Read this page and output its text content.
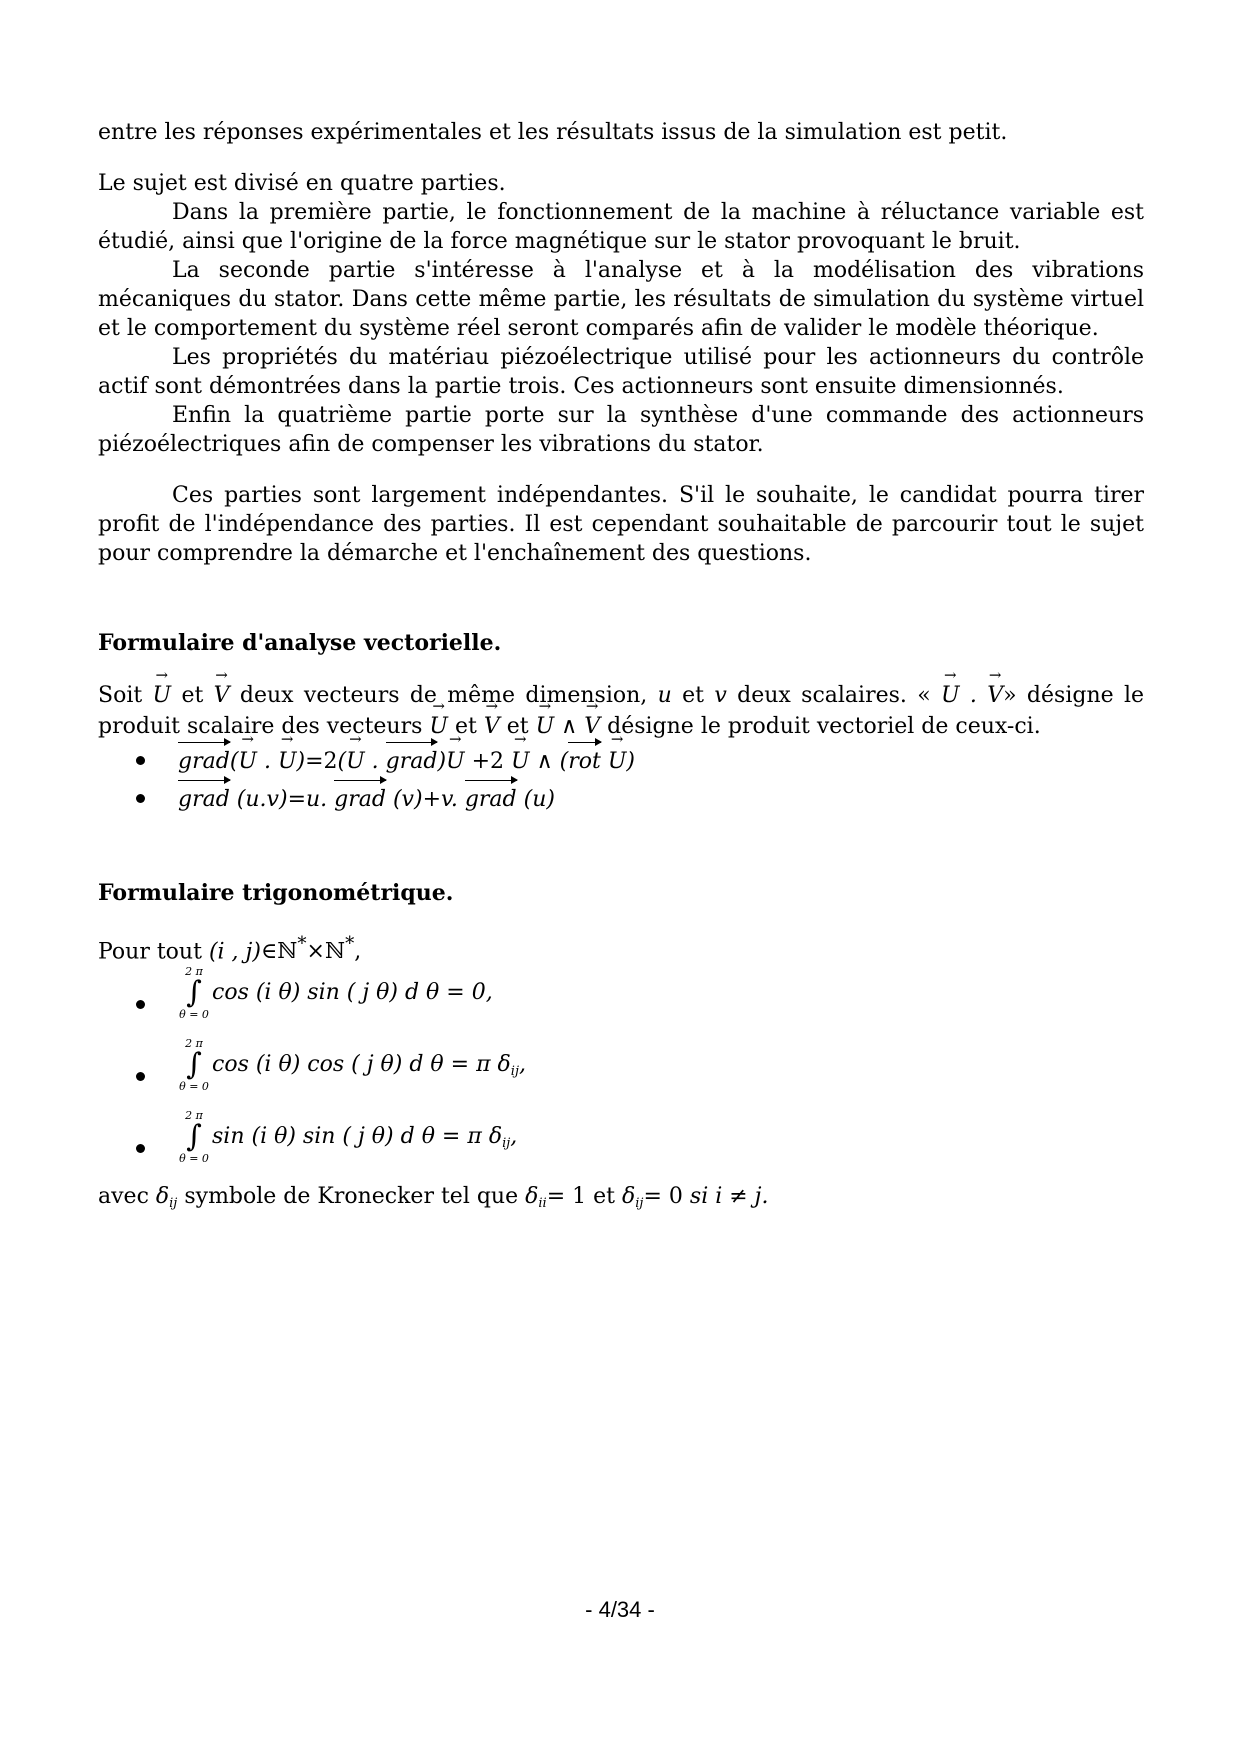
entre les réponses expérimentales et les résultats issus de la simulation est petit.

Le sujet est divisé en quatre parties.

Dans la première partie, le fonctionnement de la machine à réluctance variable est étudié, ainsi que l'origine de la force magnétique sur le stator provoquant le bruit.

La seconde partie s'intéresse à l'analyse et à la modélisation des vibrations mécaniques du stator. Dans cette même partie, les résultats de simulation du système virtuel et le comportement du système réel seront comparés afin de valider le modèle théorique.

Les propriétés du matériau piézoélectrique utilisé pour les actionneurs du contrôle actif sont démontrées dans la partie trois. Ces actionneurs sont ensuite dimensionnés.

Enfin la quatrième partie porte sur la synthèse d'une commande des actionneurs piézoélectriques afin de compenser les vibrations du stator.

Ces parties sont largement indépendantes. S'il le souhaite, le candidat pourra tirer profit de l'indépendance des parties. Il est cependant souhaitable de parcourir tout le sujet pour comprendre la démarche et l'enchaînement des questions.

Formulaire d'analyse vectorielle.

Soit → U et → V deux vecteurs de même dimension, u et v deux scalaires. « → U . → V» désigne le produit scalaire des vecteurs → U et → V et → U ∧ → V désigne le produit vectoriel de ceux-ci.

grad(→ U . → U)=2(→ U . grad)→ U +2 → U ∧ (rot → U)
grad (u.v)=u. grad (v)+v. grad (u)
Formulaire trigonométrique.

Pour tout (i , j)∈ℕ*×ℕ*,

2 π
∫
θ = 0
cos (i θ) sin ( j θ) d θ = 0,
2 π
∫
θ = 0
cos (i θ) cos ( j θ) d θ = π $\delta_{ij}$,
2 π
∫
θ = 0
sin (i θ) sin ( j θ) d θ = π $\delta_{ij}$,

avec $\delta_{ij}$ symbole de Kronecker tel que $\delta_{ii}= 1$ et $\delta_{ij}= 0$ si i ≠ j.

- 4/34 -
